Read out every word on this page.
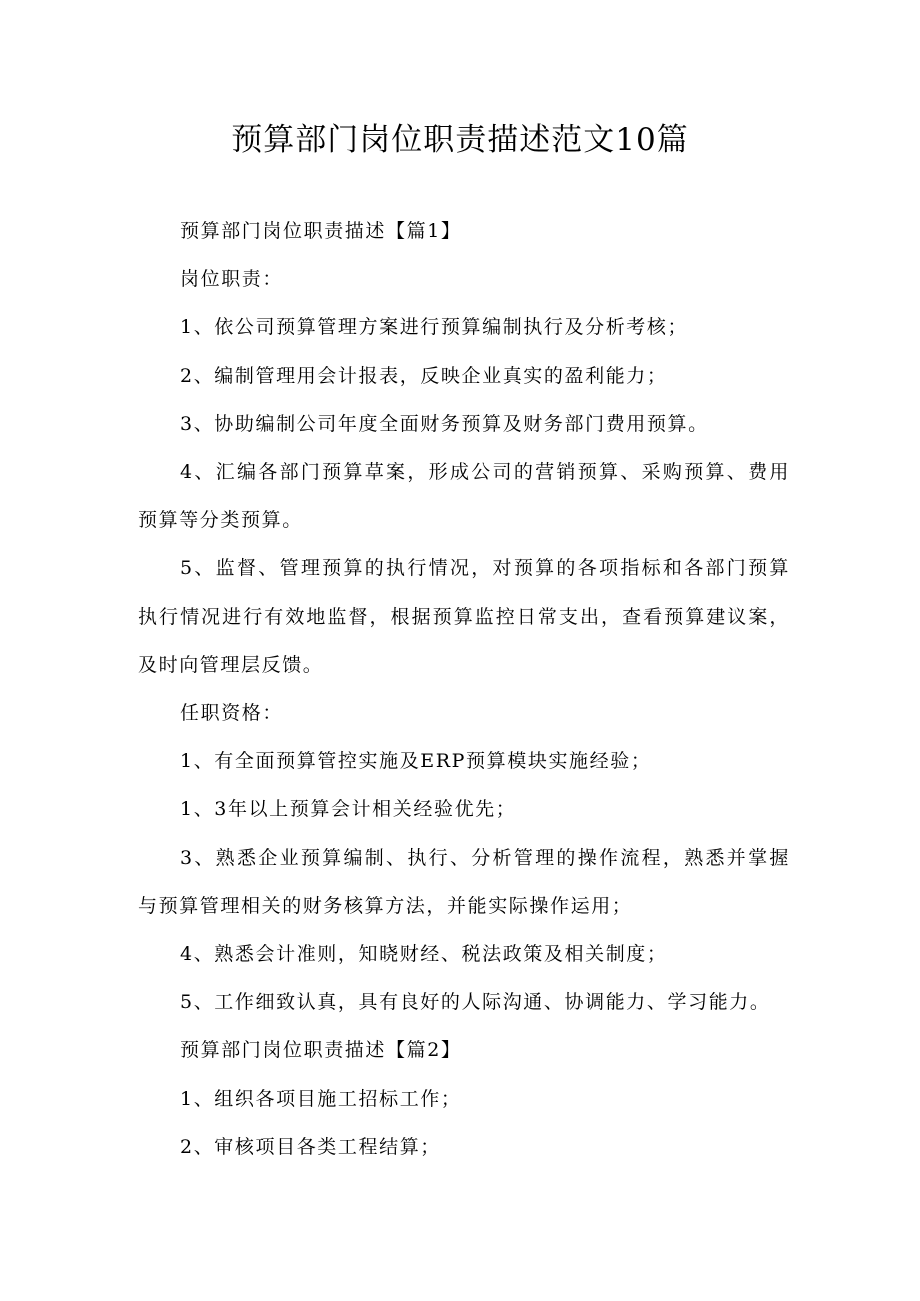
预算部门岗位职责描述范文10篇

预算部门岗位职责描述【篇1】

岗位职责：

1、依公司预算管理方案进行预算编制执行及分析考核；

2、编制管理用会计报表，反映企业真实的盈利能力；

3、协助编制公司年度全面财务预算及财务部门费用预算。

4、汇编各部门预算草案，形成公司的营销预算、采购预算、费用预算等分类预算。

5、监督、管理预算的执行情况，对预算的各项指标和各部门预算执行情况进行有效地监督，根据预算监控日常支出，查看预算建议案，及时向管理层反馈。

任职资格：

1、有全面预算管控实施及ERP预算模块实施经验；

1、3年以上预算会计相关经验优先；

3、熟悉企业预算编制、执行、分析管理的操作流程，熟悉并掌握与预算管理相关的财务核算方法，并能实际操作运用；

4、熟悉会计准则，知晓财经、税法政策及相关制度；

5、工作细致认真，具有良好的人际沟通、协调能力、学习能力。

预算部门岗位职责描述【篇2】

1、组织各项目施工招标工作；

2、审核项目各类工程结算；
